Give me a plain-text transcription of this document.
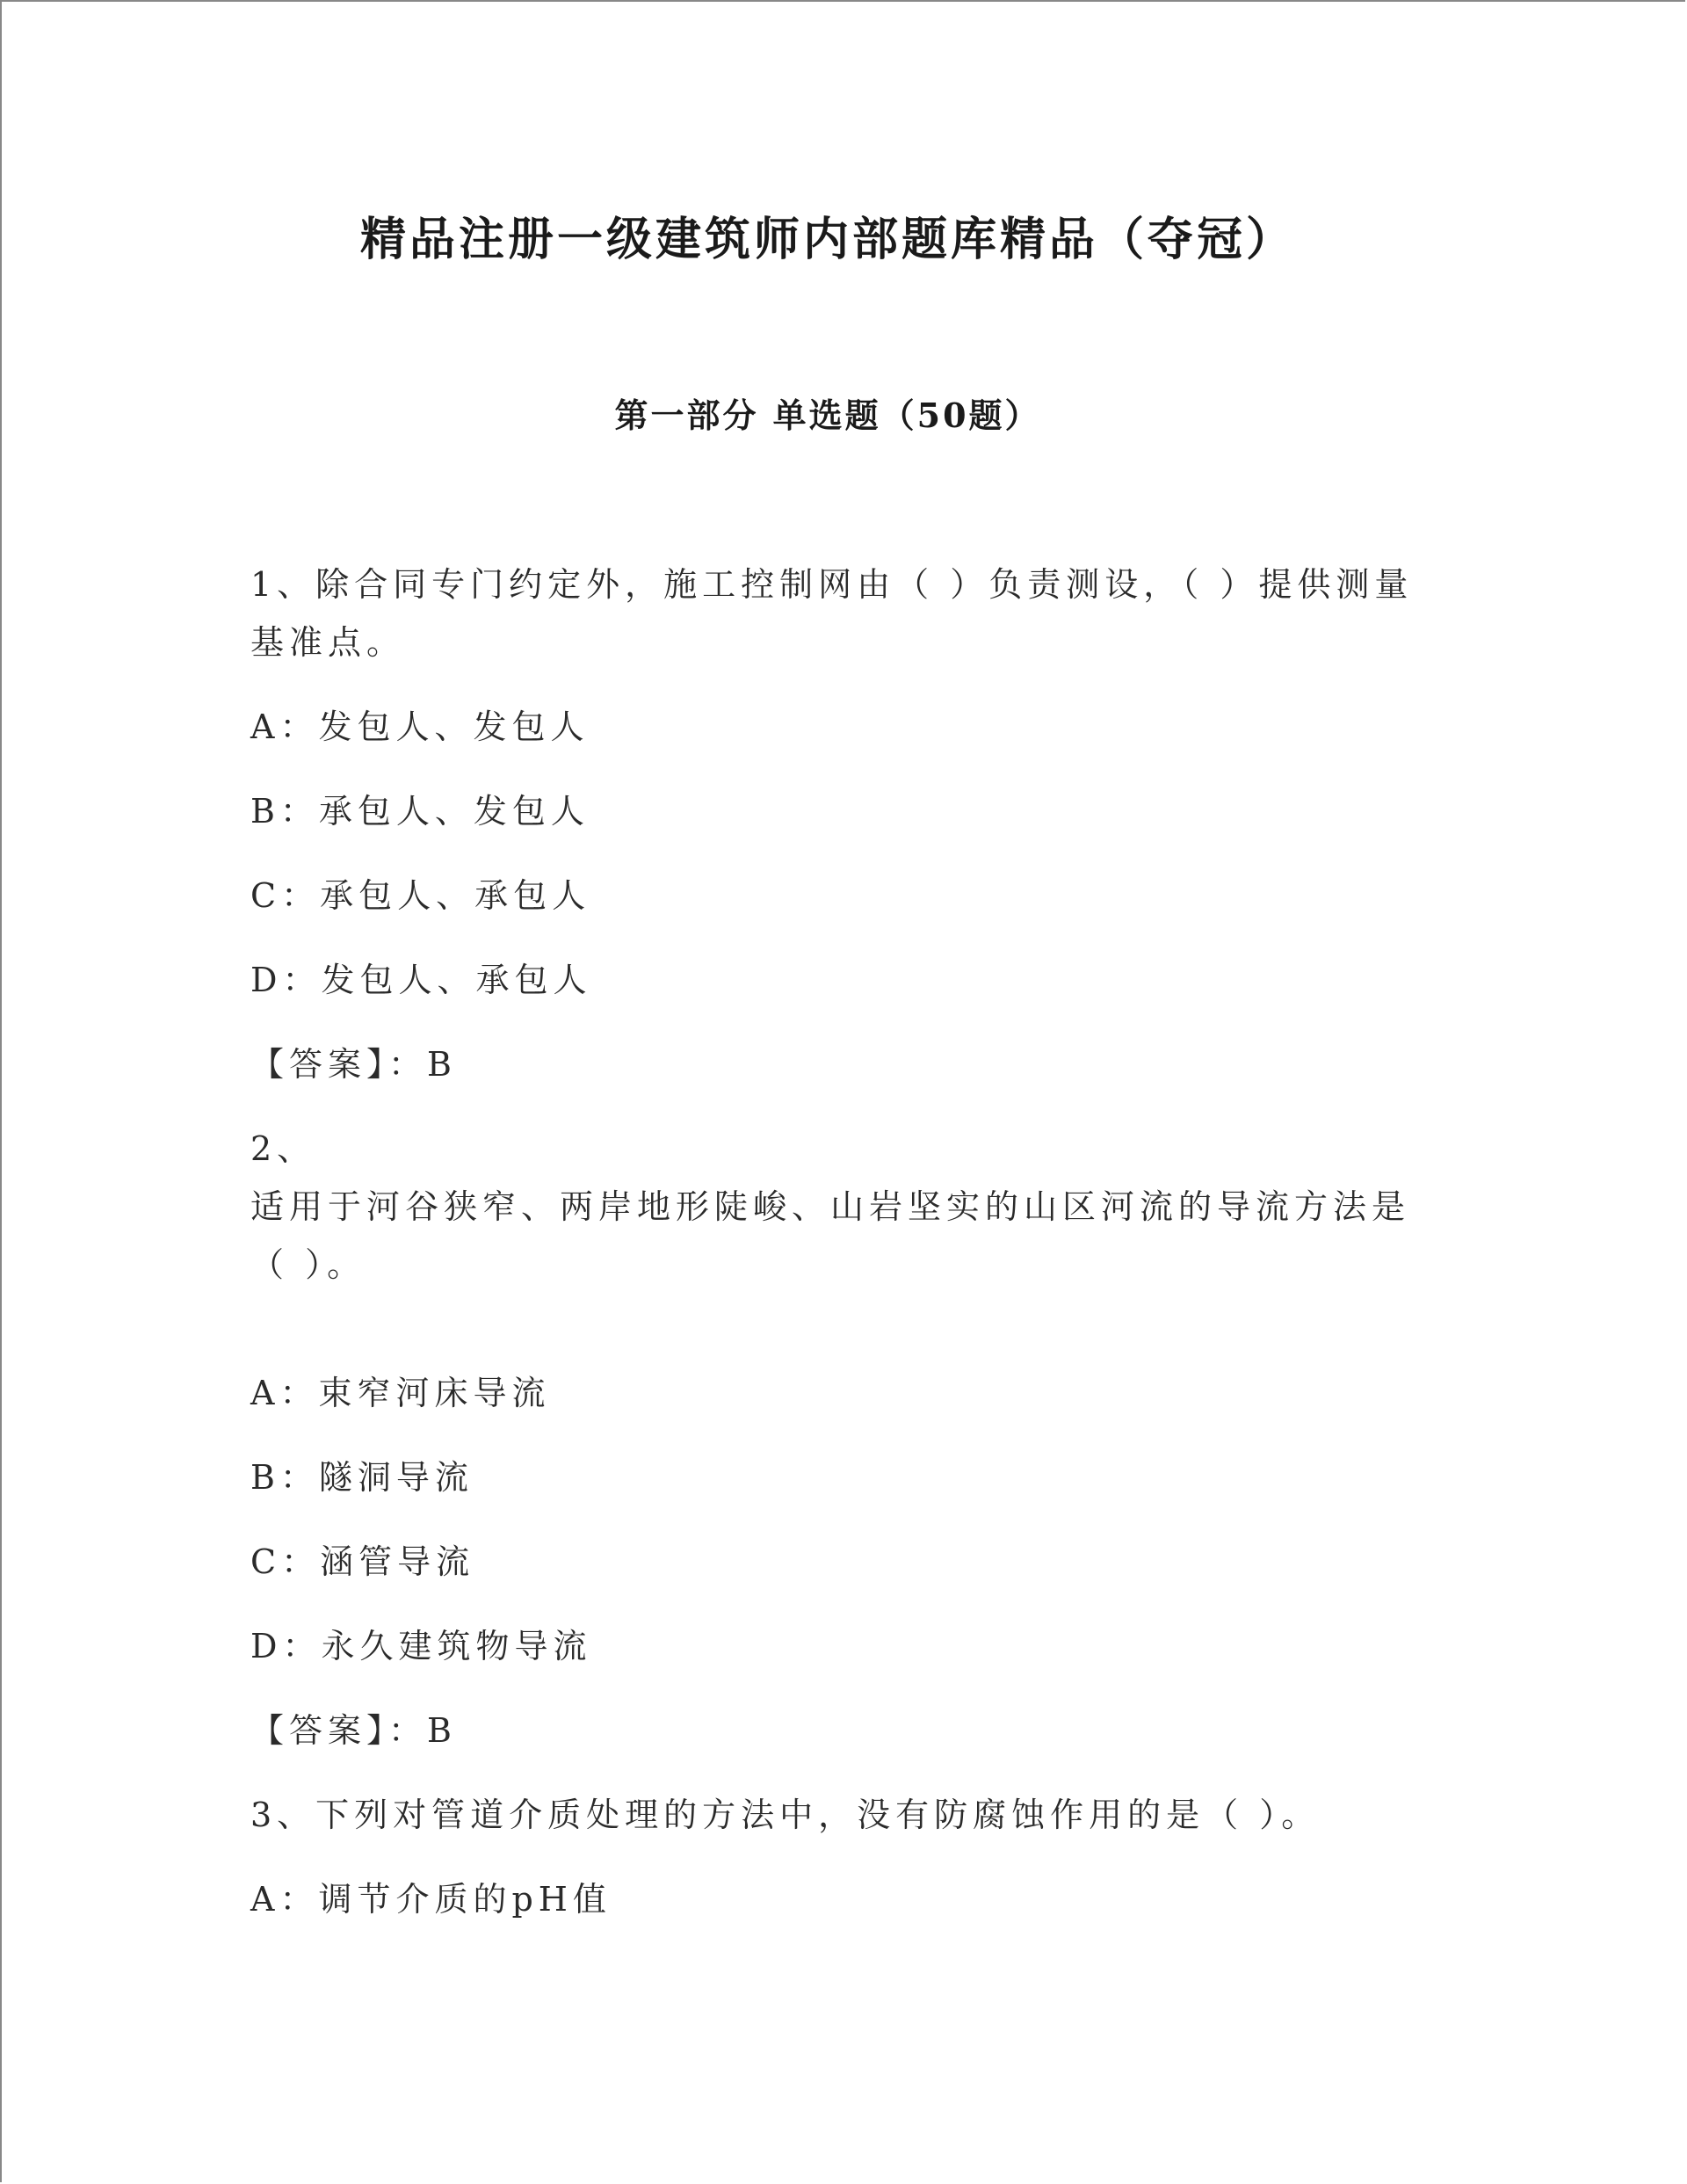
精品注册一级建筑师内部题库精品（夺冠）
第一部分 单选题（50题）
1、除合同专门约定外，施工控制网由（ ）负责测设，（ ）提供测量基准点。
A：发包人、发包人
B：承包人、发包人
C：承包人、承包人
D：发包人、承包人
【答案】：B
2、
适用于河谷狭窄、两岸地形陡峻、山岩坚实的山区河流的导流方法是（ ）。
A：束窄河床导流
B：隧洞导流
C：涵管导流
D：永久建筑物导流
【答案】：B
3、下列对管道介质处理的方法中，没有防腐蚀作用的是（ ）。
A：调节介质的pH值
